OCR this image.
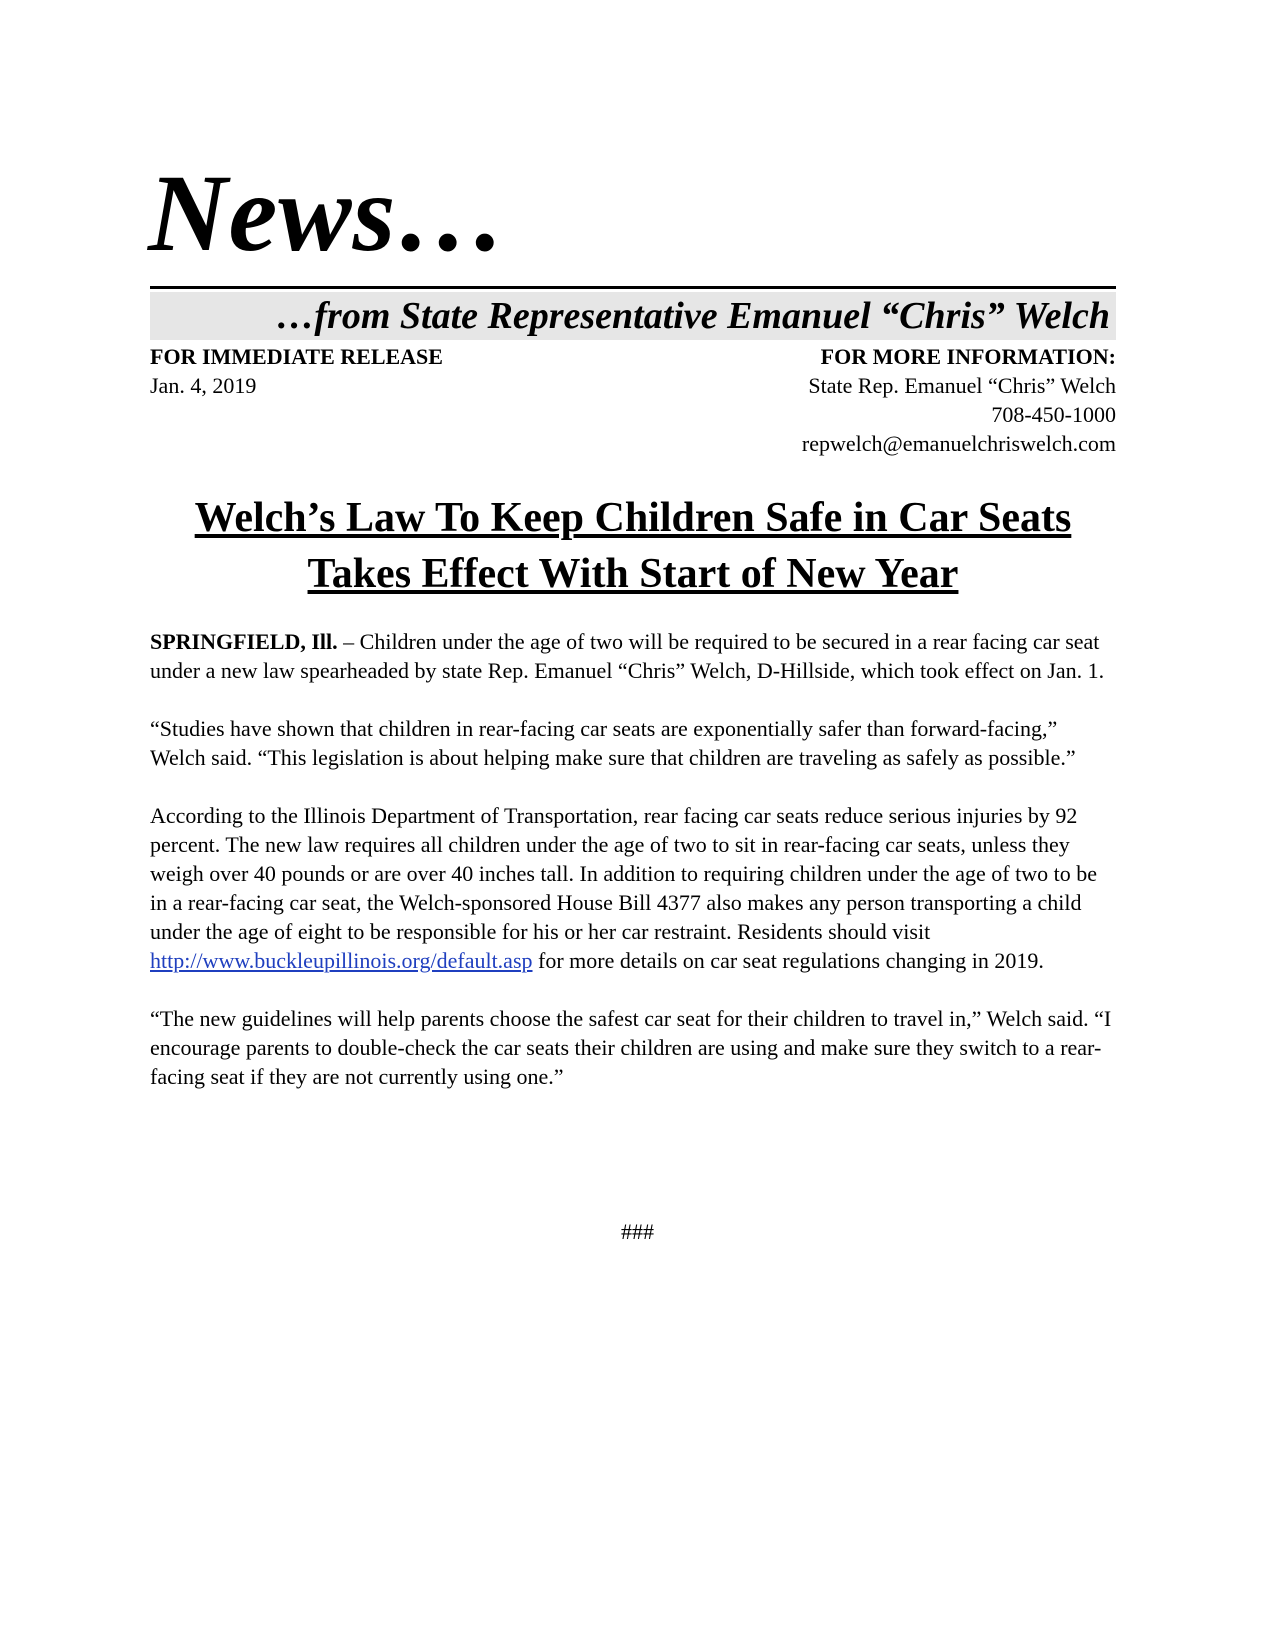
News…
…from State Representative Emanuel “Chris” Welch
FOR IMMEDIATE RELEASE
Jan. 4, 2019
FOR MORE INFORMATION:
State Rep. Emanuel “Chris” Welch
708-450-1000
repwelch@emanuelchriswelch.com
Welch’s Law To Keep Children Safe in Car Seats
Takes Effect With Start of New Year

SPRINGFIELD, Ill. – Children under the age of two will be required to be secured in a rear facing car seat under a new law spearheaded by state Rep. Emanuel “Chris” Welch, D-Hillside, which took effect on Jan. 1.

“Studies have shown that children in rear-facing car seats are exponentially safer than forward-facing,” Welch said. “This legislation is about helping make sure that children are traveling as safely as possible.”

According to the Illinois Department of Transportation, rear facing car seats reduce serious injuries by 92 percent. The new law requires all children under the age of two to sit in rear-facing car seats, unless they weigh over 40 pounds or are over 40 inches tall. In addition to requiring children under the age of two to be in a rear-facing car seat, the Welch-sponsored House Bill 4377 also makes any person transporting a child under the age of eight to be responsible for his or her car restraint. Residents should visit http://www.buckleupillinois.org/default.asp for more details on car seat regulations changing in 2019.

“The new guidelines will help parents choose the safest car seat for their children to travel in,” Welch said. “I encourage parents to double-check the car seats their children are using and make sure they switch to a rear-facing seat if they are not currently using one.”

###
